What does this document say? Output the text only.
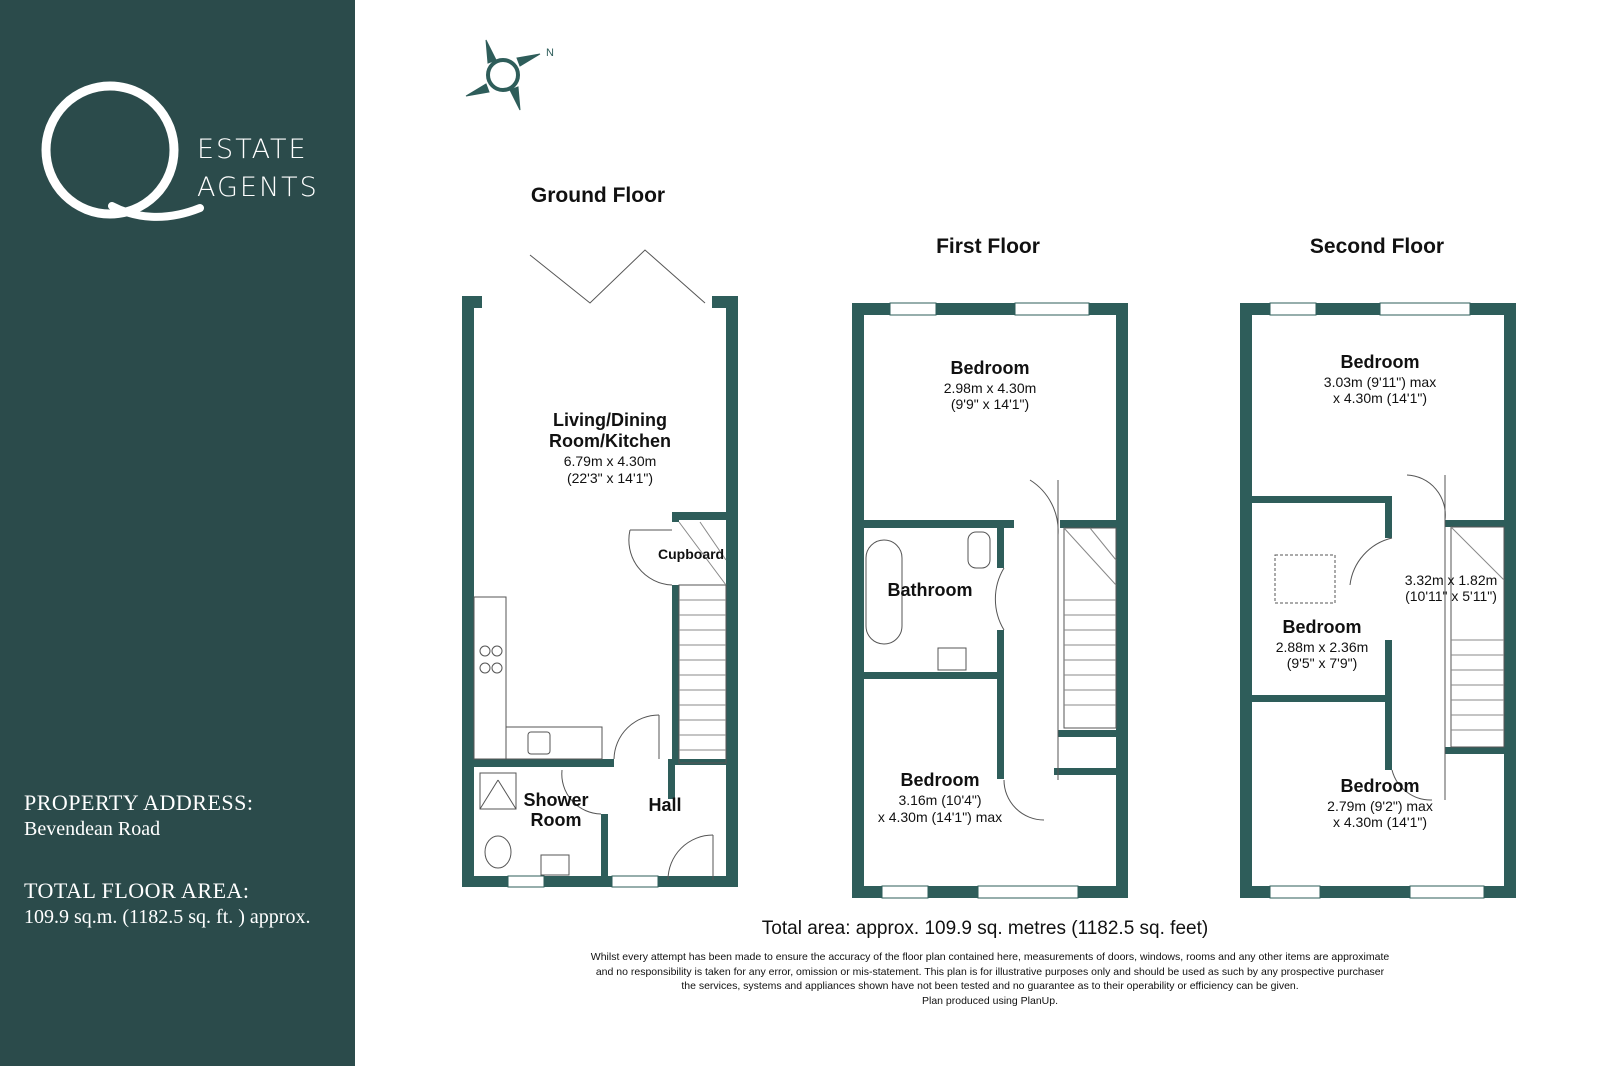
ESTATE
AGENTS
PROPERTY ADDRESS:
Bevendean Road
TOTAL FLOOR AREA:
109.9 sq.m. (1182.5 sq. ft. ) approx.
N
Ground Floor
First Floor	Second Floor
Living/Dining
Room/Kitchen
6.79m x 4.30m
(22'3" x 14'1")
Cupboard
Shower
Room
Hall
Bedroom
2.98m x 4.30m
(9'9" x 14'1")
Bathroom
Bedroom
3.16m (10'4")
x 4.30m (14'1") max
Bedroom
3.03m (9'11") max
x 4.30m (14'1")
3.32m x 1.82m
(10'11" x 5'11")
Bedroom
2.88m x 2.36m
(9'5" x 7'9")
Bedroom
2.79m (9'2") max
x 4.30m (14'1")
Total area: approx. 109.9 sq. metres (1182.5 sq. feet)
Whilst every attempt has been made to ensure the accuracy of the floor plan contained here, measurements of doors, windows, rooms and any other items are approximate and no responsibility is taken for any error, omission or mis-statement. This plan is for illustrative purposes only and should be used as such by any prospective purchaser the services, systems and appliances shown have not been tested and no guarantee as to their operability or efficiency can be given.
Plan produced using PlanUp.
